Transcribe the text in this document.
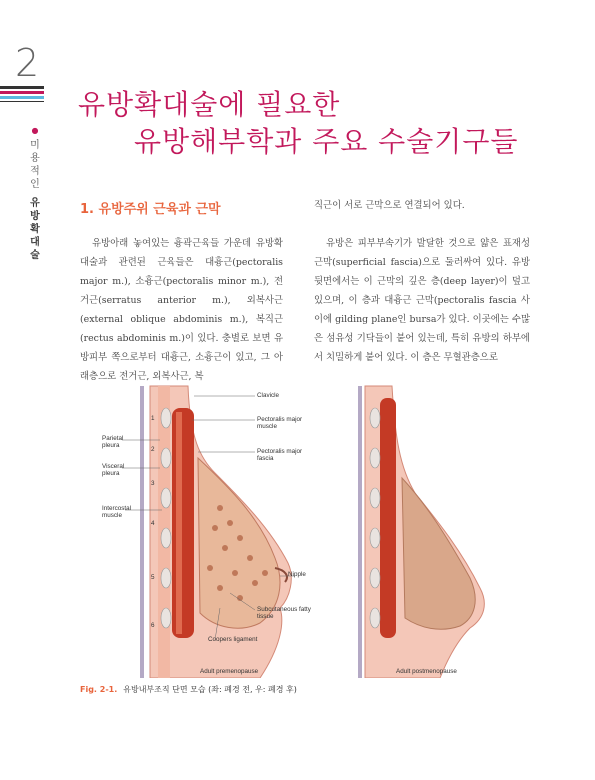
2
●
미
용
적
인
유
방
확
대
술
유방확대술에 필요한
유방해부학과 주요 수술기구들
1. 유방주위 근육과 근막

유방아래 놓여있는 흉곽근육들 가운데 유방확대술과 관련된 근육들은 대흉근(pectoralis major m.), 소흉근(pectoralis minor m.), 전거근(serratus anterior m.), 외복사근(external oblique abdominis m.), 복직근(rectus abdominis m.)이 있다. 충별로 보면 유방피부 쪽으로부터 대흉근, 소흉근이 있고, 그 아래층으로 전거근, 외복사근, 복

직근이 서로 근막으로 연결되어 있다.

유방은 피부부속기가 발달한 것으로 얇은 표재성 근막(superficial fascia)으로 둘러싸여 있다. 유방 뒷면에서는 이 근막의 깊은 층(deep layer)이 덮고 있으며, 이 층과 대흉근 근막(pectoralis fascia 사이에 gilding plane인 bursa가 있다. 이곳에는 수많은 섬유성 기닥들이 붙어 있는데, 특히 유방의 하부에서 치밀하게 붙어 있다. 이 층은 무혈관층으로

Parietal pleura
Visceral pleura
Intercostal muscle
1
2
3
4
5
6
Clavicle
Pectoralis major muscle
Pectoralis major fascia
Nipple
Subcutaneous fatty tissue
Coopers ligament
Adult premenopause	Adult postmenopause
Fig. 2-1. 유방내부조직 단면 모습 (좌: 폐경 전, 우: 폐경 후)
